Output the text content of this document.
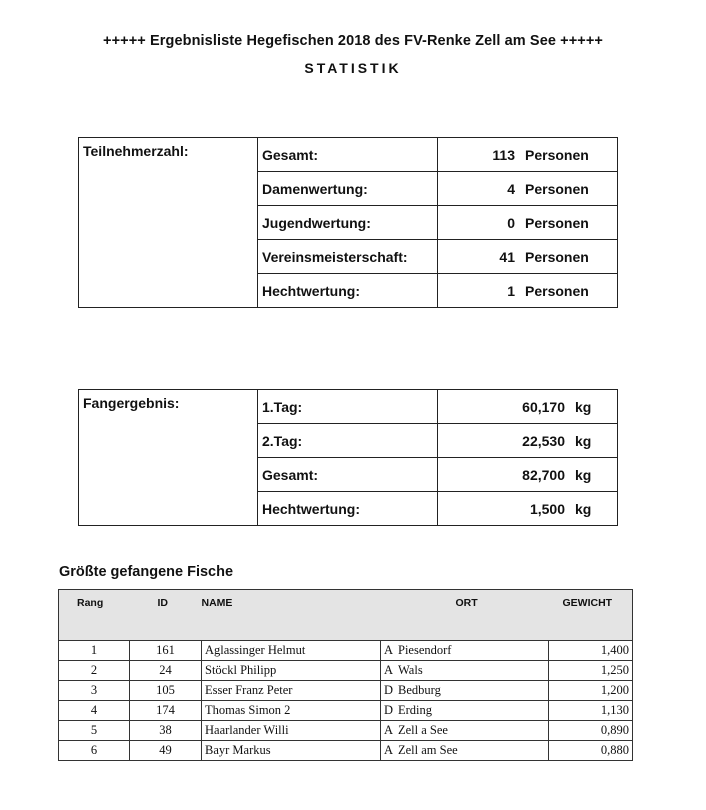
+++++ Ergebnisliste Hegefischen 2018 des FV-Renke Zell am See +++++
STATISTIK
Teilnehmerzahl:	Gesamt:	113 Personen
	Damenwertung:	4 Personen
	Jugendwertung:	0 Personen
	Vereinsmeisterschaft:	41 Personen
	Hechtwertung:	1 Personen
Fangergebnis:	1.Tag:	60,170 kg
	2.Tag:	22,530 kg
	Gesamt:	82,700 kg
	Hechtwertung:	1,500 kg
Größte gefangene Fische
Rang	ID	NAME	ORT	GEWICHT
1	161	Aglassinger Helmut	A Piesendorf	1,400
2	24	Stöckl Philipp	A Wals	1,250
3	105	Esser Franz Peter	D Bedburg	1,200
4	174	Thomas Simon 2	D Erding	1,130
5	38	Haarlander Willi	A Zell a See	0,890
6	49	Bayr Markus	A Zell am See	0,880
